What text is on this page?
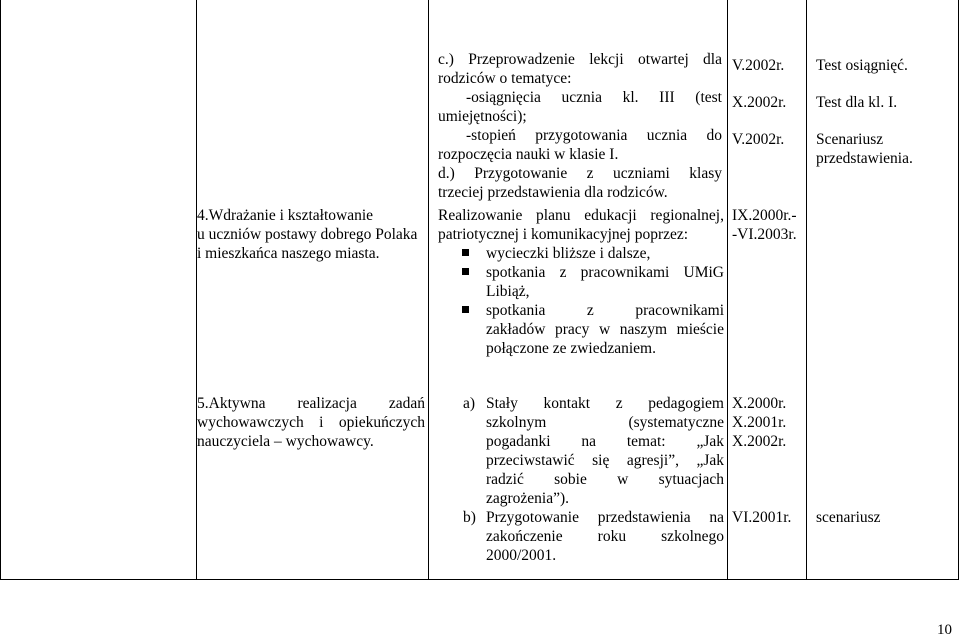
c.) Przeprowadzenie lekcji otwartej dla
rodziców o tematyce:
-osiągnięcia ucznia kl. III (test
umiejętności);
-stopień przygotowania ucznia do
rozpoczęcia nauki w klasie I.
d.) Przygotowanie z uczniami klasy
trzeciej przedstawienia dla rodziców.
V.2002r.
X.2002r.
V.2002r.
Test osiągnięć.
Test dla kl. I.
Scenariusz
przedstawienia.
4.Wdrażanie i kształtowanie
u uczniów postawy dobrego Polaka
i mieszkańca naszego miasta.
Realizowanie planu edukacji regionalnej,
patriotycznej i komunikacyjnej poprzez:
wycieczki bliższe i dalsze,
spotkania z pracownikami UMiG
Libiąż,
spotkania z pracownikami
zakładów pracy w naszym mieście
połączone ze zwiedzaniem.
IX.2000r.-
-VI.2003r.
5.Aktywna realizacja zadań
wychowawczych i opiekuńczych
nauczyciela – wychowawcy.
a) Stały kontakt z pedagogiem
szkolnym (systematyczne
pogadanki na temat: „Jak
przeciwstawić się agresji”, „Jak
radzić sobie w sytuacjach
zagrożenia”).
b) Przygotowanie przedstawienia na
zakończenie roku szkolnego
2000/2001.
X.2000r.
X.2001r.
X.2002r.
VI.2001r.	scenariusz
10
